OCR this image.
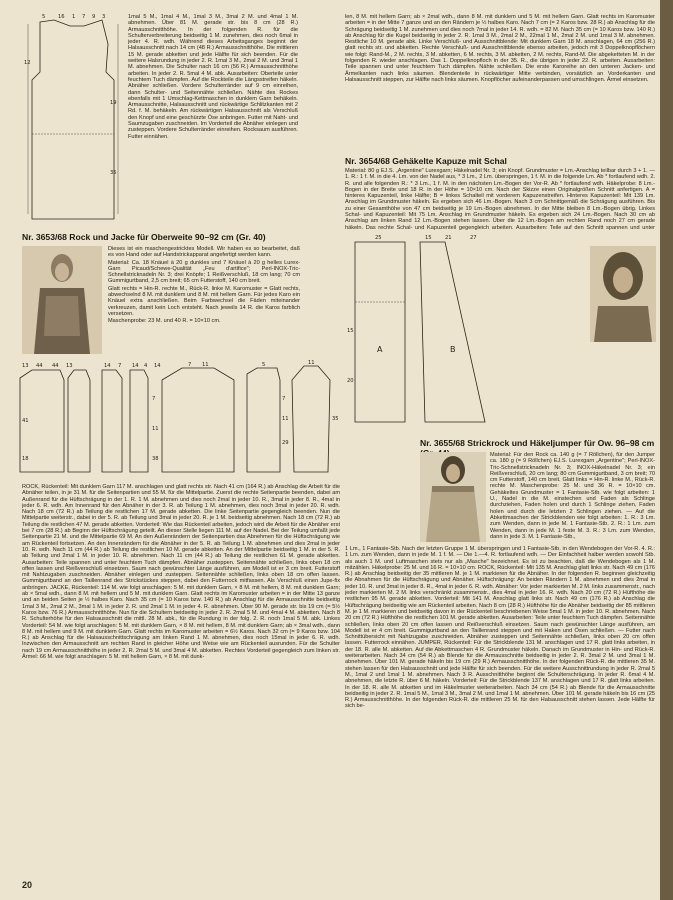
5 16 1 7 9 3
12
19
35

1mal 5 M., 1mal 4 M., 1mal 3 M., 3mal 2 M. und 4mal 1 M. abnehmen. Über 81 M. gerade str. bis 8 cm (28 R.) Armausschnitthöhe. In der folgenden R. für die Schulterverbreiterung beidseitig 1 M. zunehmen, dies noch 6mal in jeder 4. R. wdh. Während dieses Arbeitsganges beginnt der Halsausschnitt nach 14 cm (48 R.) Armausschnitthöhe. Die mittleren 15 M. gerade abketten und jede Hälfte für sich beenden. Für die weitere Halsrundung in jeder 2. R. 1mal 3 M., 2mal 2 M. und 3mal 1 M. abnehmen. Die Schulter nach 16 cm (56 R.) Armausschnitthöhe arbeiten. In jeder 2. R. 5mal 4 M. abk. Ausarbeiten: Oberteile unter feuchtem Tuch dämpfen. Auf die Rockteile die Längsstreifen häkeln. Abnäher schließen. Vordere Schulterränder auf 9 cm einreihen, dann Schulter- und Seitennähte schließen. Nähte des Rockes ebenfalls mit 1 Umschlag-Kettmaschen in dunklem Garn behäkeln. Armausschnitte, Halsausschnitt und rückwärtige Schlitzkanten mit 2 Rd. f. M. behäkeln. Am rückwärtigen Halsausschnitt als Verschluß den Knopf und eine geschürzte Öse anbringen. Futter mit Naht- und Saumzugaben zuschneiden. Im Vorderteil die Abnäher einlegen und zusteppen. Vordere Schulterränder einreihen. Rocksaum ausführen. Futter einnähen.

Nr. 3653/68 Rock und Jacke für Oberweite 90–92 cm (Gr. 40)

Dieses ist ein maschengestricktes Modell. Wir haben es so bearbeitet, daß es von Hand oder auf Handstrickapparat angefertigt werden kann.

Material: Ca. 18 Knäuel à 20 g dunkles und 7 Knäuel à 20 g helles Lurex-Garn Picaud/Schewe-Qualität „Feu d'artifice"; Perl-INOX-Tric-Schnellstricknadeln Nr. 3; drei Knöpfe; 1 Reißverschluß, 18 cm lang; 70 cm Gummigurtband, 2,5 cm breit; 65 cm Futterstoff, 140 cm breit.

Glatt rechts = Hin-R. rechte M., Rück-R. linke M. Karomuster = Glatt rechts, abwechselnd 8 M. mit dunklem und 8 M. mit hellem Garn. Für jedes Karo ein Knäuel extra anschließen. Beim Farbwechsel die Fäden miteinander verkreuzen, damit kein Loch entsteht. Nach jeweils 14 R. die Karos farblich versetzen.

Maschenprobe: 23 M. und 40 R. = 10×10 cm.

13 44 44 13	14 7 14 4 14	7 11	5	11
41
18
7
11
38
7
11
29
35

ROCK, Rückenteil: Mit dunklem Garn 117 M. anschlagen und glatt rechts str. Nach 41 cm (164 R.) ab Anschlag die Arbeit für die Abnäher teilen, in je 31 M. für die Seitenpartien und 55 M. für die Mittelpartie. Zuerst die rechte Seitenpartie beenden, dabei am Außenrand für die Hüftschrägung in der 1. R. 1 M. abnehmen und dies noch 2mal in jeder 10. R., 3mal in jeder 8. R., 4mal in jeder 6. R. wdh. Am Innenrand für den Abnäher in der 3. R. ab Teilung 1 M. abnehmen, dies noch 3mal in jeder 20. R. wdh. Nach 18 cm (72 R.) ab Teilung die restlichen 17 M. gerade abketten. Die linke Seitenpartie gegengleich beenden. Nun die Mittelpartie weiterstr., dabei in der 5. R. ab Teilung und 3mal in jeder 20. R. je 1 M. beidseitig abnehmen. Nach 18 cm (72 R.) ab Teilung die restlichen 47 M. gerade abketten. Vorderteil: Wie das Rückenteil arbeiten, jedoch wird die Arbeit für die Abnäher erst bei 7 cm (28 R.) ab Beginn der Hüftschrägung geteilt. An dieser Stelle liegen 111 M. auf der Nadel. Bei der Teilung umfaßt jede Seitenpartie 21 M. und die Mittelpartie 69 M. An den Außenrändern der Seitenpartien das Abnehmen für die Hüftschrägung wie am Rückenteil fortsetzen. An den Innenrändern für die Abnäher in der 5. R. ab Teilung 1 M. abnehmen und dies 2mal in jeder 10. R. wdh. Nach 11 cm (44 R.) ab Teilung die restlichen 10 M. gerade abketten. An der Mittelpartie beidseitig 1 M. in der 5. R. ab Teilung und 2mal 1 M. in jeder 10. R. abnehmen. Nach 11 cm (44 R.) ab Teilung die restlichen 61 M. gerade abketten. Ausarbeiten: Teile spannen und unter feuchtem Tuch dämpfen. Abnäher zusteppen. Seitennähte schließen, links oben 18 cm offen lassen und Reißverschluß einsetzen. Saum nach gewünschter Länge ausführen, am Modell ist er 3 cm breit. Futterstoff mit Nahtzugaben zuschneiden. Abnäher einlegen und zusteppen. Seitennähte schließen, links oben 18 cm offen lassen. Gummigurtband an den Taillenrand des Strickstückes steppen, dabei den Futterrock mitfassen. Als Verschluß einen Jupe-fix anbringen. JACKE, Rückenteil: 114 M. wie folgt anschlagen: 5 M. mit dunklem Garn, × 8 M. mit hellem, 8 M. mit dunklem Garn; ab × 5mal wdh., dann 8 M. mit hellem und 5 M. mit dunklem Garn. Glatt rechts im Karomuster arbeiten = in der Mitte 13 ganze und an beiden Seiten je ½ halbes Karo. Nach 35 cm (= 10 Karos bzw. 140 R.) ab Anschlag für die Armausschnitte beidseitig 1mal 3 M., 2mal 2 M., 3mal 1 M. in jeder 2. R. und 2mal 1 M. in jeder 4. R. abnehmen. Über 90 M. gerade str. bis 19 cm (= 5½ Karos bzw. 76 R.) Armausschnitthöhe. Nun für die Schultern beidseitig in jeder 2. R. 2mal 5 M. und 4mal 4 M. abketten. Nach 8 R. Schulterhöhe für den Halsausschnitt die mittl. 28 M. abk., für die Rundung in der folg. 2. R. noch 1mal 5 M. abk. Linkes Vorderteil: 54 M. wie folgt anschlagen: 5 M. mit dunklem Garn, × 8 M. mit hellem, 8 M. mit dunklem Garn; ab × 3mal wdh., dann 8 M. mit hellem und 9 M. mit dunklem Garn. Glatt rechts im Karomuster arbeiten = 6½ Karos. Nach 32 cm (= 9 Karos bzw. 104 R.) ab Anschlag für die Halsausschnittschrägung am linken Rand 1 M. abnehmen, dies noch 15mal in jeder 6. R. wdh. Inzwischen den Armausschnitt am rechten Rand in gleicher Höhe und Weise wie am Rückenteil ausrunden. Für die Schulter nach 19 cm Armausschnitthöhe in jeder 2. R. 2mal 5 M. und 3mal 4 M. abketten. Rechtes Vorderteil gegengleich zum linken str. Ärmel: 66 M. wie folgt anschlagen: 5 M. mit hellem Garn, × 8 M. mit dunk-

len, 8 M. mit hellem Garn; ab × 2mal wdh., dann 8 M. mit dunklem und 5 M. mit hellem Garn. Glatt rechts im Karomuster arbeiten = in der Mitte 7 ganze und an den Rändern je ½ halbes Karo. Nach 7 cm (= 2 Karos bzw. 28 R.) ab Anschlag für die Schrägung beidseitig 1 M. zunehmen und dies noch 7mal in jeder 14. R. wdh. = 82 M. Nach 35 cm (= 10 Karos bzw. 140 R.) ab Anschlag für die Kugel beidseitig in jeder 2. R. 1mal 3 M., 2mal 2 M., 22mal 1 M., 2mal 2 M. und 1mal 3 M. abnehmen. Restliche 10 M. gerade abk. Linke Verschluß- und Ausschnittblende: Mit dunklem Garn 18 M. anschlagen, 64 cm (256 R.) glatt rechts str. und abketten. Rechte Verschluß- und Ausschnittblende ebenso arbeiten, jedoch mit 3 Doppelknopflöchern wie folgt: Rand-M., 2 M. rechts, 3 M. abketten, 6 M. rechts, 3 M. abketten, 2 M. rechts, Rand-M. Die abgeketteten M. in der folgenden R. wieder anschlagen. Das 1. Doppelknopfloch in der 35. R., die übrigen in jeder 22. R. arbeiten. Ausarbeiten: Teile spannen und unter feuchtem Tuch dämpfen. Nähte schließen. Die erste Karoreihe an den unteren Jacken- und Ärmelkanten nach links säumen. Blendenteile in rückwärtiger Mitte verbinden, vorsätzlich an Vorderkanten und Halsausschnitt steppen, zur Hälfte nach links säumen. Knopflöcher aufeinanderpassen und umschlingen. Ärmel einsetzen.

Nr. 3654/68 Gehäkelte Kapuze mit Schal

Material: 80 g EJ.S. „Argentine" Lurexgarn; Häkelnadel Nr. 3; ein Knopf. Grundmuster = Lm.-Anschlag teilbar durch 3 + 1. — 1. R.: 1 f. M. in die 4. Lm. von der Nadel aus, * 3 Lm., 2 Lm. überspringen, 1 f. M. in die folgende Lm. Ab * fortlaufend wdh. 2. R. und alle folgenden R.: * 3 Lm., 1 f. M. in den nächsten Lm.-Bogen der Vor-R. Ab * fortlaufend wdh. Häkelprobe: 8 Lm.-Bogen in der Breite und 18 R. in der Höhe = 10×10 cm. Nach der Skizze einen Originalgrößen Schnitt anfertigen. A = hinteres Kapuzenteil, linke Hälfte; B = linkes Schalteil mit vorderem Kapuzenstreifen. Hinteres Kapuzenteil: Mit 139 Lm. Anschlag im Grundmuster häkeln. Es ergeben sich 46 Lm.-Bogen. Nach 3 cm Schnittgemäß die Schrägung ausführen. Bis zu einer Gesamthöhe von 47 cm beidseitig je 19 Lm.-Bogen abnehmen. In der Mitte bleiben 8 Lm.-Bogen übrig. Linkes Schal- und Kapuzenteil: Mit 75 Lm. Anschlag im Grundmuster häkeln. Es ergeben sich 24 Lm.-Bogen. Nach 30 cm ab Anschlag am linken Rand 12 Lm.-Bogen stehen lassen. Über die 12 Lm.-Bogen am rechten Rand noch 27 cm gerade häkeln. Das rechte Schal- und Kapuzenteil gegengleich arbeiten. Ausarbeiten: Teile auf den Schnitt spannen und unter

25	15	21	27
15
20
A	B

Nr. 3655/68 Strickrock und Häkeljumper für Ow. 96–98 cm

Material: Für den Rock ca. 140 g (= 7 Röllchen), für den Jumper ca. 180 g (= 9 Röllchen) EJ.S. Lurexgarn „Argentine"; Perl-INOX-Tric-Schnellstricknadeln Nr. 3; INOX-Häkelnadel Nr. 3; ein Reißverschluß, 20 cm lang; 80 cm Gummigurtband, 3 cm breit; 70 cm Futterstoff, 140 cm breit. Glatt links = Hin-R. linke M., Rück-R. rechte M. Maschenprobe: 25 M. und 36 R. = 10×10 cm. Gehäkeltes Grundmuster = 1 Fantasie-Stb. wie folgt arbeiten: 1 U., Nadel in die M. einstechen und Faden als Schlinge durchziehen, Faden holen und durch 1 Schlinge ziehen, Faden holen und durch die letzten 2 Schlingen ziehen. — Auf die Abkettmaschen der Strickblenden wie folgt arbeiten: 1. R.: 3 Lm. zum Wenden, dann in jede M. 1 Fantasie-Stb. 2. R.: 1 Lm. zum Wenden, dann in jede M. 1 feste M. 3. R.: 3 Lm. zum Wenden, dann in jede 3. M. 1 Fantasie-Stb.,

1 Lm., 1 Fantasie-Stb. Nach der letzten Gruppe 1 M. überspringen und 1 Fantasie-Stb. in den Wendebogen der Vor-R. 4. R.: 1 Lm. zum Wenden, dann in jede M. 1 f. M. — Die 1.—4. R. fortlaufend wdh. — Der Einfachheit halber werden sowohl Stb. als auch 1 M. und Luftmaschen stets nur als „Masche" bezeichnet. Es ist zu beachten, daß die Wendebogen als 1 M. mitzählen. Häkelprobe: 25 M. und 16 R. = 10×10 cm. ROCK, Rückenteil: Mit 135 M. Anschlag glatt links str. Nach 49 cm (176 R.) ab Anschlag beidseitig der 35 mittleren M. je 1 M. markieren für die Abnäher. In der folgenden R. beginnen gleichzeitig die Abnahmen für die Hüftschrägung und Abnäher. Hüftschrägung: An beiden Rändern 1 M. abnehmen und dies 2mal in jeder 10. R. und 3mal in jeder 8. R., 4mal in jeder 6. R. wdh. Abnäher: Vor jeder markierten M. 2 M. links zusammenstr., nach jeder markierten M. 2 M. links verschränkt zusammenstr., dies 4mal in jeder 16. R. wdh. Nach 20 cm (72 R.) Hüfthöhe die restlichen 95 M. gerade abketten. Vorderteil: Mit 141 M. Anschlag glatt links str. Nach 49 cm (176 R.) ab Anschlag die Hüftschrägung beidseitig wie am Rückenteil arbeiten. Nach 8 cm (28 R.) Hüfthöhe für die Abnäher beidseitig der 85 mittleren M. je 1 M. markieren und beidseitig davon in der Rückenteil beschriebenen Weise 5mal 1 M. in jeder 10. R. abnehmen. Nach 20 cm (72 R.) Hüfthöhe die restlichen 101 M. gerade abketten. Ausarbeiten: Teile unter feuchtem Tuch dämpfen. Seitennähte schließen, links oben 20 cm offen lassen und Reißverschluß einsetzen. Saum nach gewünschter Länge ausführen, am Modell ist er 4 cm breit. Gummigurtband an den Taillenrand steppen und mit Haken und Ösen schließen. — Futter nach Schnittübersicht mit Nahtzugabe zuschneiden. Abnäher zusteppen und Seitennähte schließen, links oben 20 cm offen lassen. Futterrock einnähen. JUMPER, Rückenteil: Für die Strickblende 131 M. anschlagen und 17 R. glatt links arbeiten, in der 18. R. alle M. abketten. Auf die Abkettmaschen 4 R. Grundmuster häkeln. Danach im Grundmuster in Hin- und Rück-R. weiterarbeiten. Nach 34 cm (54 R.) ab Blende für die Armausschnitte beidseitig in jeder 2. R. 3mal 2 M. und 3mal 1 M. abnehmen. Über 101 M. gerade häkeln bis 19 cm (29 R.) Armausschnitthöhe. In der folgenden Rück-R. die mittleren 35 M. stehen lassen für den Halsausschnitt und jede Hälfte für sich beenden. Für die weitere Ausschnittrundung in jeder R. 2mal 5 M., 1mal 2 und 1mal 1 M. abnehmen. Nach 3 R. Ausschnitthöhe beginnt die Schulterschrägung. In jeder R. 6mal 4 M. abnehmen, die letzte R. über 6 M. häkeln. Vorderteil: Für die Strickblende 137 M. anschlagen und 17 R. glatt links arbeiten. In der 18. R. alle M. abketten und im Häkelmuster weiterarbeiten. Nach 34 cm (54 R.) ab Blende für die Armausschnitte beidseitig in jeder 2. R. 1mal 5 M., 1mal 3 M., 3mal 2 M. und 1mal 1 M. abnehmen. Über 101 M. gerade häkeln bis 16 cm (25 R.) Armausschnitthöhe. In der folgenden Rück-R. die mittleren 25 M. für den Halsausschnitt stehen lassen. Jede Hälfte für sich be-

20
